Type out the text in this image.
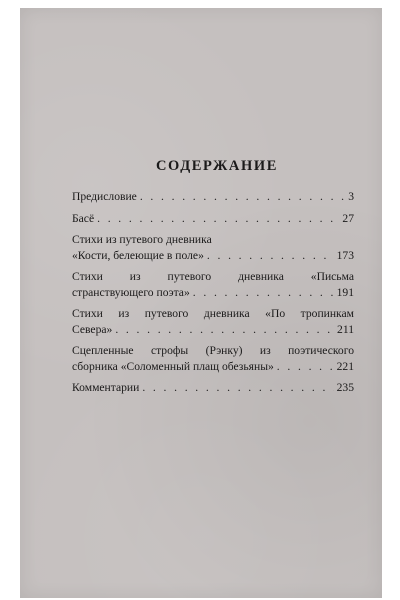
СОДЕРЖАНИЕ
Предисловие . . .	3
Басё . . .	27
Стихи из путевого дневника
«Кости, белеющие в поле» . . .	173
Стихи из путевого дневника «Письма
странствующего поэта» . . .	191
Стихи из путевого дневника «По тропинкам
Севера» . . .	211
Сцепленные строфы (Рэнку) из поэтического
сборника «Соломенный плащ обезьяны» . . .	221
Комментарии . . .	235
